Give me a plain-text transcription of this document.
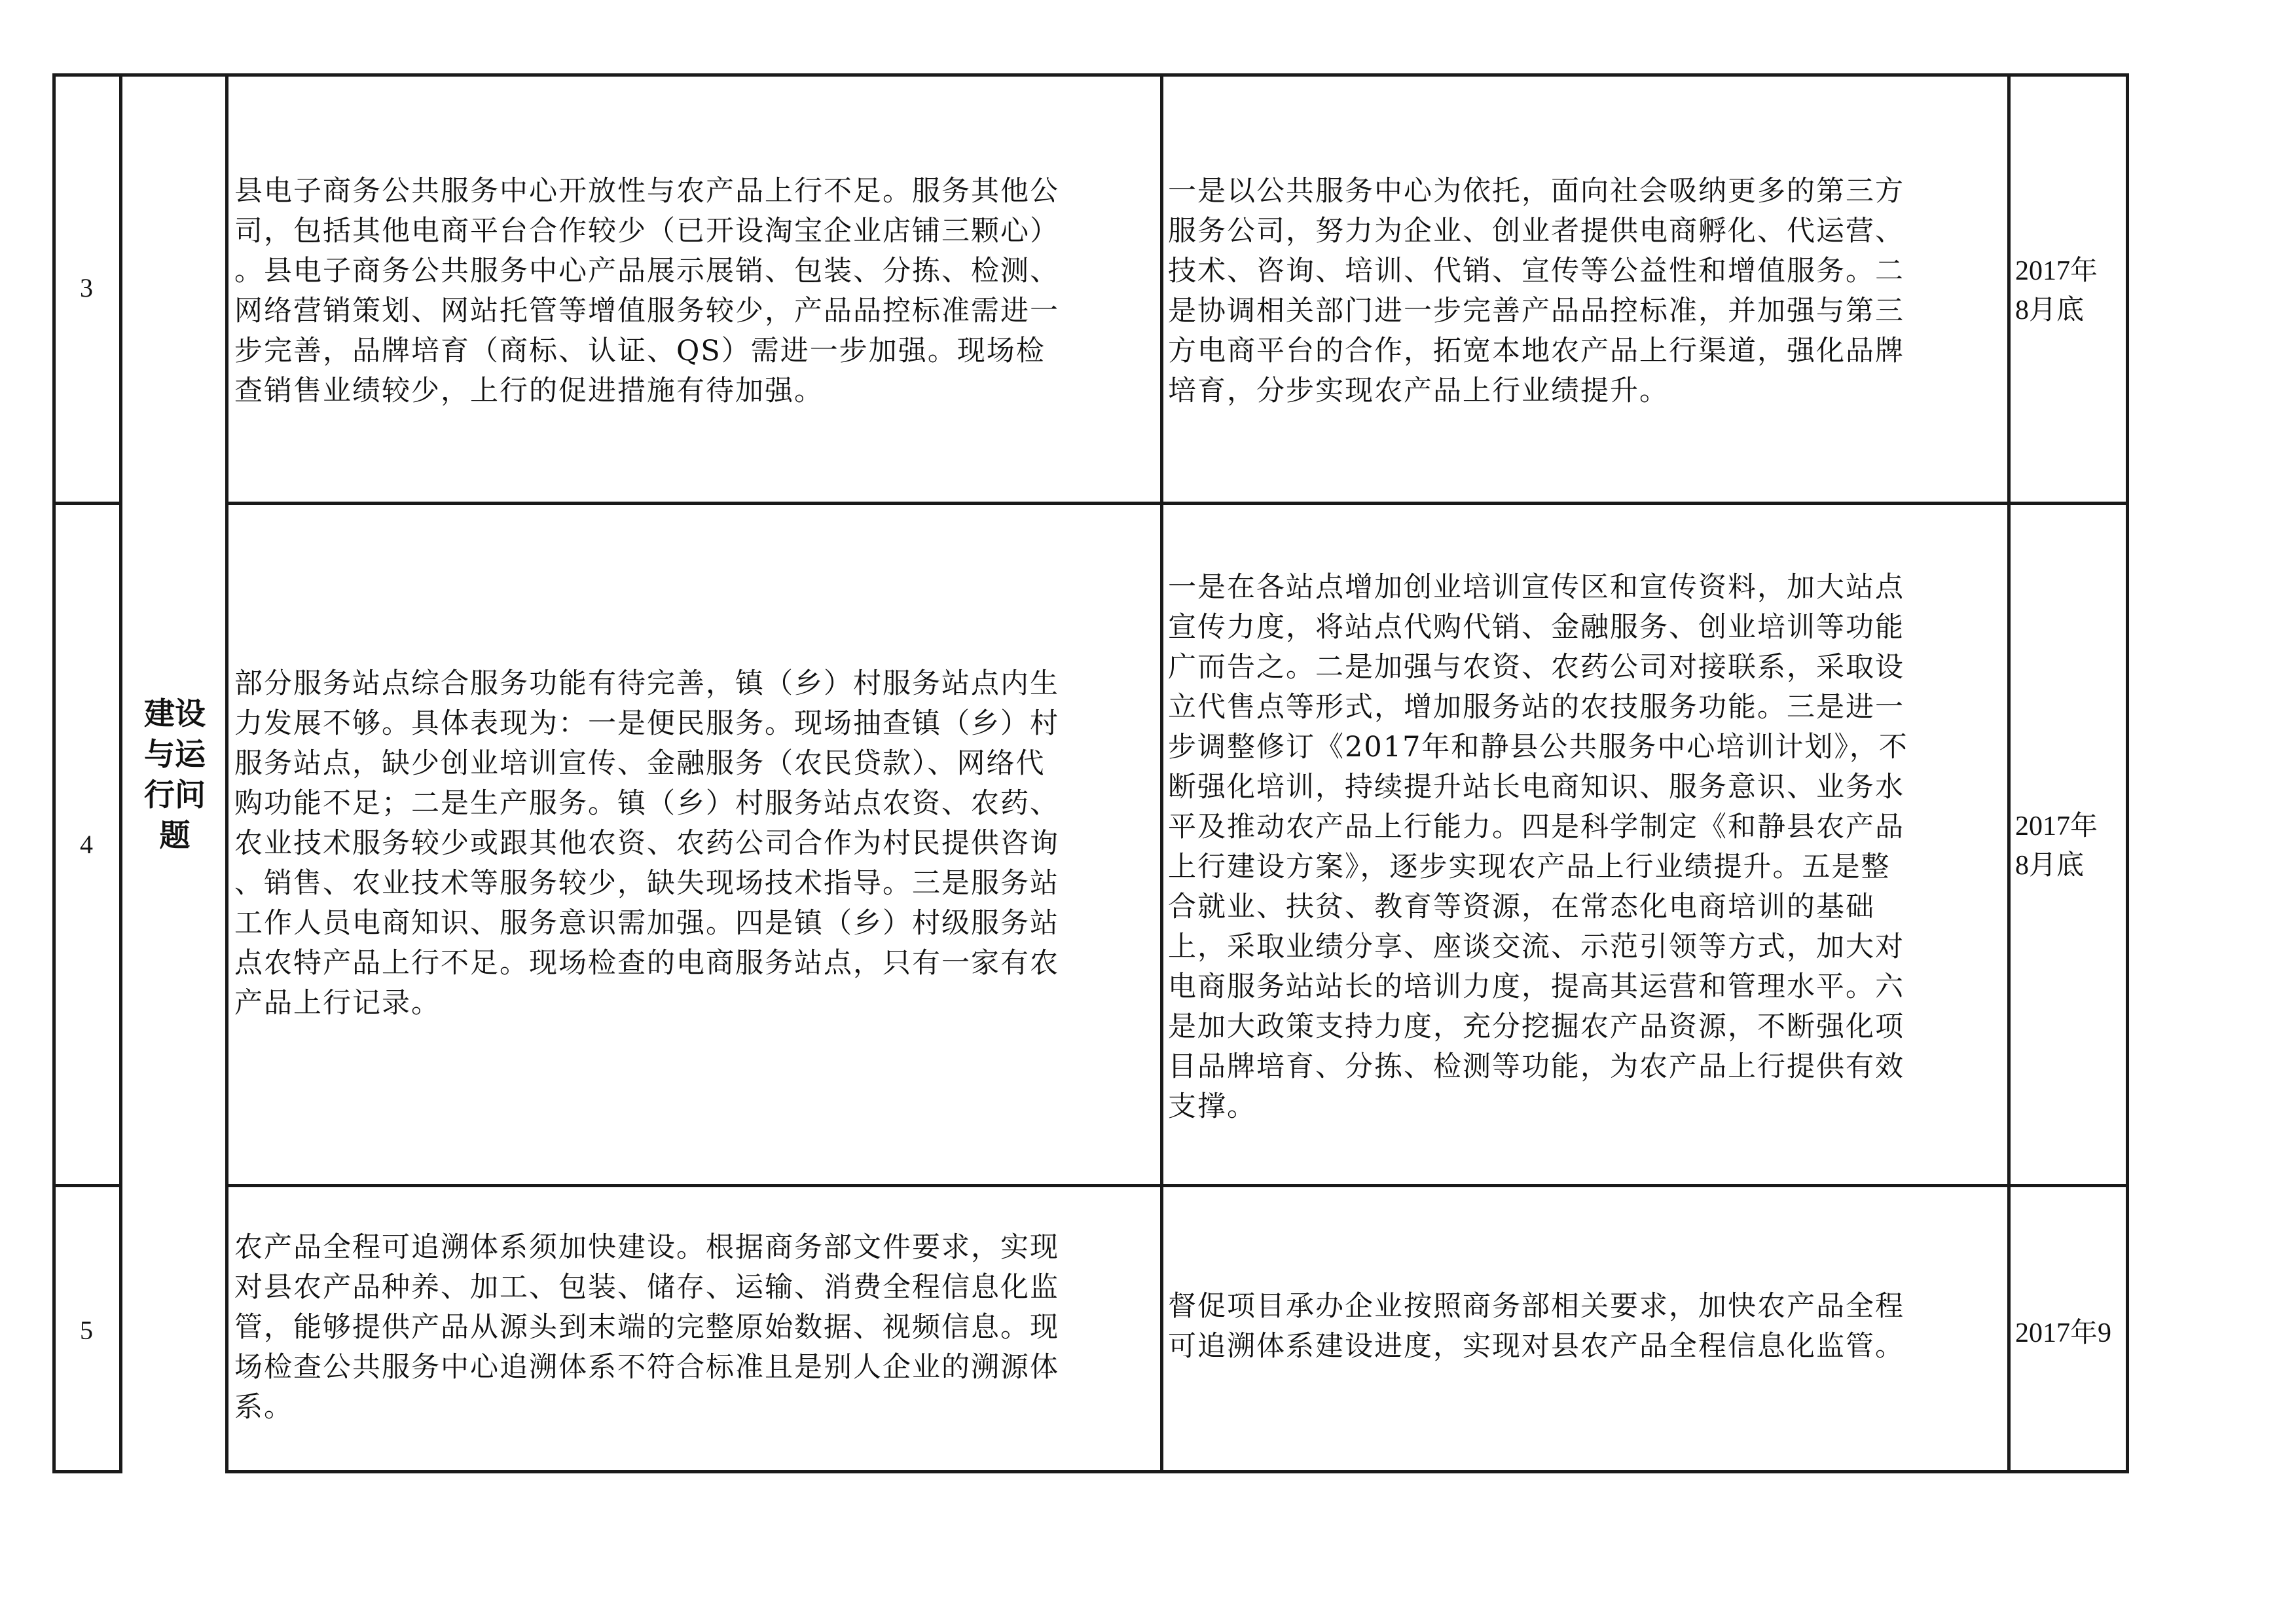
建设
与运
行问
题
3
县电子商务公共服务中心开放性与农产品上行不足。服务其他公
司，包括其他电商平台合作较少（已开设淘宝企业店铺三颗心）
。县电子商务公共服务中心产品展示展销、包装、分拣、检测、
网络营销策划、网站托管等增值服务较少，产品品控标准需进一
步完善，品牌培育（商标、认证、QS）需进一步加强。现场检
查销售业绩较少，上行的促进措施有待加强。
一是以公共服务中心为依托，面向社会吸纳更多的第三方
服务公司，努力为企业、创业者提供电商孵化、代运营、
技术、咨询、培训、代销、宣传等公益性和增值服务。二
是协调相关部门进一步完善产品品控标准，并加强与第三
方电商平台的合作，拓宽本地农产品上行渠道，强化品牌
培育，分步实现农产品上行业绩提升。
2017年
8月底
4
部分服务站点综合服务功能有待完善，镇（乡）村服务站点内生
力发展不够。具体表现为：一是便民服务。现场抽查镇（乡）村
服务站点，缺少创业培训宣传、金融服务（农民贷款）、网络代
购功能不足；二是生产服务。镇（乡）村服务站点农资、农药、
农业技术服务较少或跟其他农资、农药公司合作为村民提供咨询
、销售、农业技术等服务较少，缺失现场技术指导。三是服务站
工作人员电商知识、服务意识需加强。四是镇（乡）村级服务站
点农特产品上行不足。现场检查的电商服务站点，只有一家有农
产品上行记录。
一是在各站点增加创业培训宣传区和宣传资料，加大站点
宣传力度，将站点代购代销、金融服务、创业培训等功能
广而告之。二是加强与农资、农药公司对接联系，采取设
立代售点等形式，增加服务站的农技服务功能。三是进一
步调整修订《2017年和静县公共服务中心培训计划》，不
断强化培训，持续提升站长电商知识、服务意识、业务水
平及推动农产品上行能力。四是科学制定《和静县农产品
上行建设方案》，逐步实现农产品上行业绩提升。五是整
合就业、扶贫、教育等资源，在常态化电商培训的基础
上，采取业绩分享、座谈交流、示范引领等方式，加大对
电商服务站站长的培训力度，提高其运营和管理水平。六
是加大政策支持力度，充分挖掘农产品资源，不断强化项
目品牌培育、分拣、检测等功能，为农产品上行提供有效
支撑。
2017年
8月底
5
农产品全程可追溯体系须加快建设。根据商务部文件要求，实现
对县农产品种养、加工、包装、储存、运输、消费全程信息化监
管，能够提供产品从源头到末端的完整原始数据、视频信息。现
场检查公共服务中心追溯体系不符合标准且是别人企业的溯源体
系。
督促项目承办企业按照商务部相关要求，加快农产品全程
可追溯体系建设进度，实现对县农产品全程信息化监管。	2017年9
